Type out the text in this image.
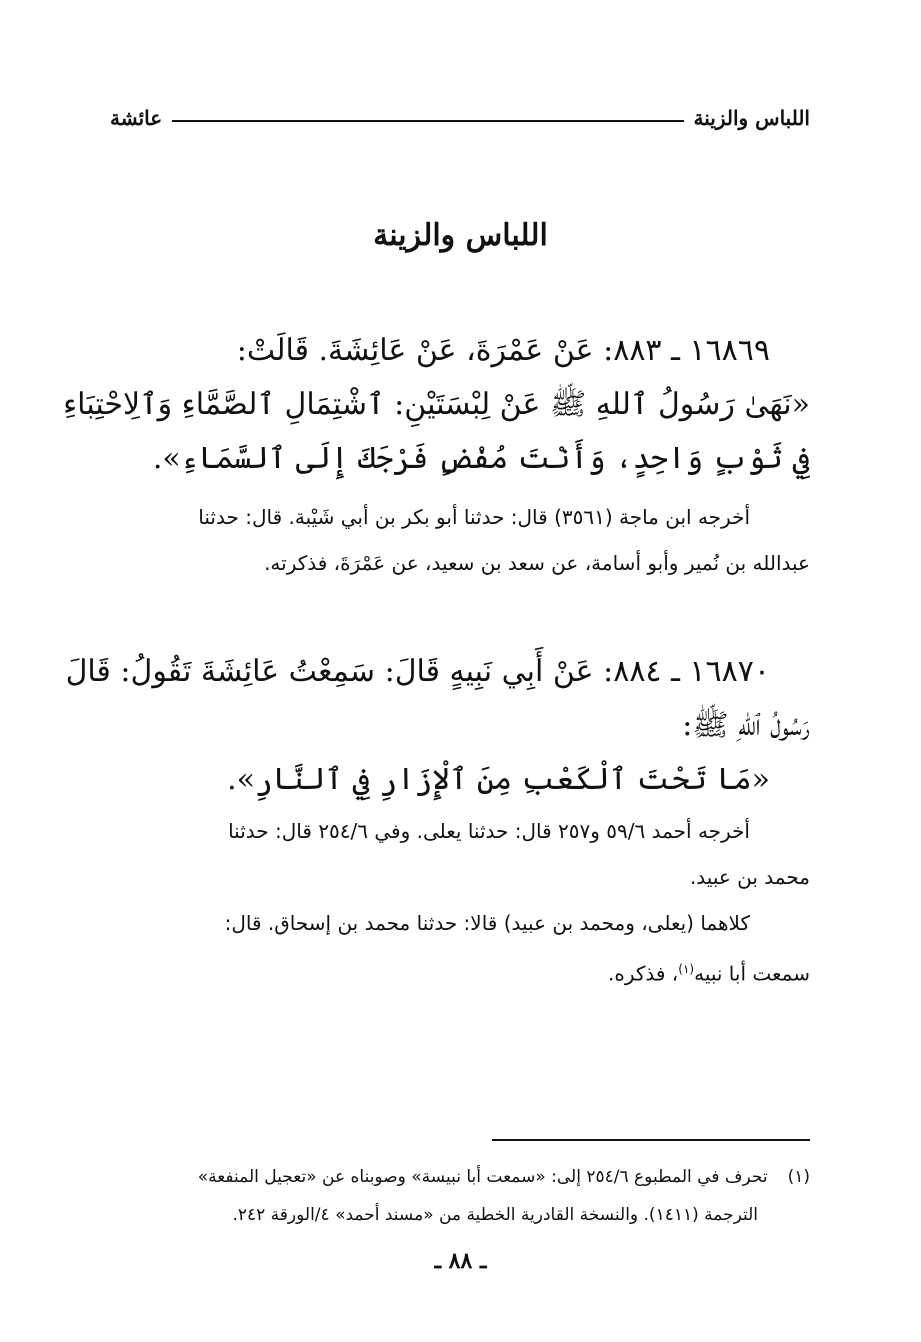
اللباس والزينة
عائشة
اللباس والزينة
١٦٨٦٩ ـ ٨٨٣: عَنْ عَمْرَةَ، عَنْ عَائِشَةَ. قَالَتْ:
«نَهَىٰ رَسُولُ ٱللهِ ﷺ عَنْ لِبْسَتَيْنِ: ٱشْتِمَالِ ٱلصَّمَّاءِ وَٱلِاحْتِبَاءِ
فِي ثَوْبٍ وَاحِدٍ، وَأَنْتَ مُفْضٍ فَرْجَكَ إِلَى ٱلسَّمَاءِ».
أخرجه ابن ماجة (٣٥٦١) قال: حدثنا أبو بكر بن أبي شَيْبة. قال: حدثنا
عبدالله بن نُمير وأبو أسامة، عن سعد بن سعيد، عن عَمْرَةَ، فذكرته.
١٦٨٧٠ ـ ٨٨٤: عَنْ أَبِي نَبِيهٍ قَالَ: سَمِعْتُ عَائِشَةَ تَقُولُ: قَالَ
رَسُولُ ٱللهِ ﷺ:
«مَا تَحْتَ ٱلْكَعْبِ مِنَ ٱلْإِزَارِ فِي ٱلنَّارِ».
أخرجه أحمد ٥٩/٦ و٢٥٧ قال: حدثنا يعلى. وفي ٢٥٤/٦ قال: حدثنا
محمد بن عبيد.
كلاهما (يعلى، ومحمد بن عبيد) قالا: حدثنا محمد بن إسحاق. قال:
سمعت أبا نبيه$^{(١)}$، فذكره.
(١)تحرف في المطبوع ٢٥٤/٦ إلى: «سمعت أبا نبيسة» وصوبناه عن «تعجيل المنفعة»
الترجمة (١٤١١). والنسخة القادرية الخطية من «مسند أحمد» ٤/الورقة ٢٤٢.
ـ ٨٨ ـ
